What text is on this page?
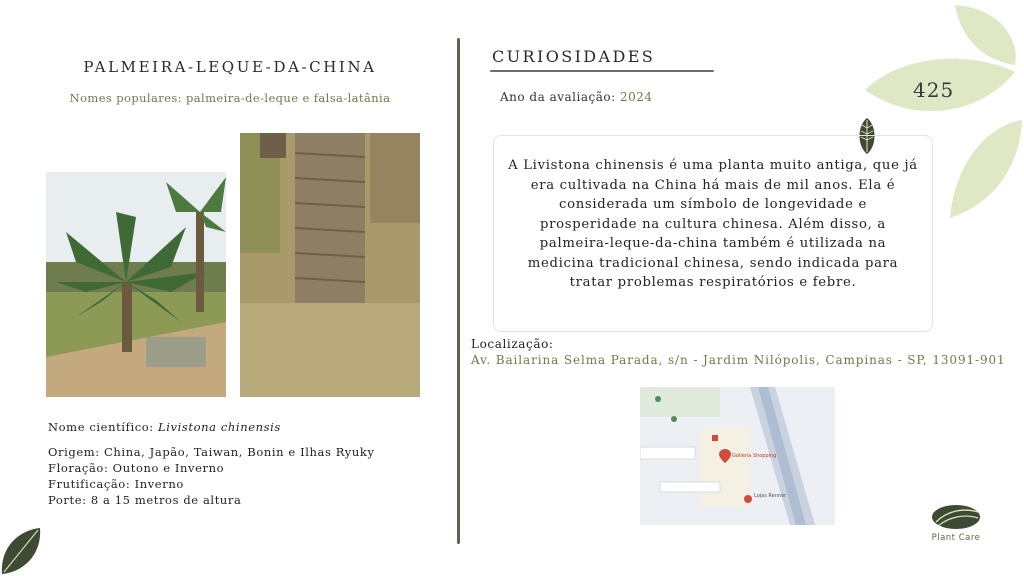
425
PALMEIRA-LEQUE-DA-CHINA
Nomes populares: palmeira-de-leque e falsa-latânia
Nome científico: Livistona chinensis
Origem: China, Japão, Taiwan, Bonin e Ilhas Ryuky
Floração: Outono e Inverno
Frutificação: Inverno
Porte: 8 a 15 metros de altura
CURIOSIDADES
Ano da avaliação: 2024

A Livistona chinensis é uma planta muito antiga, que já era cultivada na China há mais de mil anos. Ela é considerada um símbolo de longevidade e prosperidade na cultura chinesa. Além disso, a palmeira-leque-da-china também é utilizada na medicina tradicional chinesa, sendo indicada para tratar problemas respiratórios e febre.

Localização:
Av. Bailarina Selma Parada, s/n - Jardim Nilópolis, Campinas - SP, 13091-901
Galleria Shopping
Lojas Renner
Plant Care
